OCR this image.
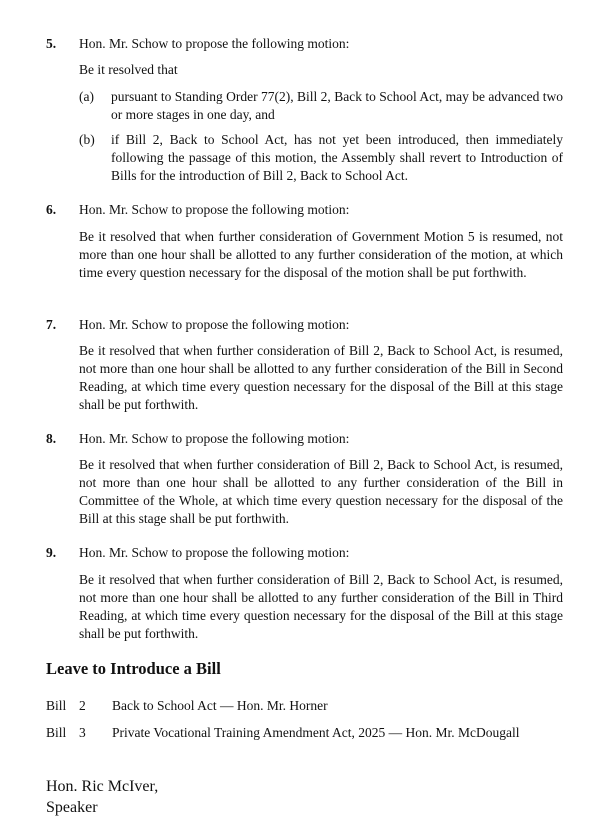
5. Hon. Mr. Schow to propose the following motion:
Be it resolved that
(a) pursuant to Standing Order 77(2), Bill 2, Back to School Act, may be advanced two or more stages in one day, and
(b) if Bill 2, Back to School Act, has not yet been introduced, then immediately following the passage of this motion, the Assembly shall revert to Introduction of Bills for the introduction of Bill 2, Back to School Act.
6. Hon. Mr. Schow to propose the following motion:
Be it resolved that when further consideration of Government Motion 5 is resumed, not more than one hour shall be allotted to any further consideration of the motion, at which time every question necessary for the disposal of the motion shall be put forthwith.
7. Hon. Mr. Schow to propose the following motion:
Be it resolved that when further consideration of Bill 2, Back to School Act, is resumed, not more than one hour shall be allotted to any further consideration of the Bill in Second Reading, at which time every question necessary for the disposal of the Bill at this stage shall be put forthwith.
8. Hon. Mr. Schow to propose the following motion:
Be it resolved that when further consideration of Bill 2, Back to School Act, is resumed, not more than one hour shall be allotted to any further consideration of the Bill in Committee of the Whole, at which time every question necessary for the disposal of the Bill at this stage shall be put forthwith.
9. Hon. Mr. Schow to propose the following motion:
Be it resolved that when further consideration of Bill 2, Back to School Act, is resumed, not more than one hour shall be allotted to any further consideration of the Bill in Third Reading, at which time every question necessary for the disposal of the Bill at this stage shall be put forthwith.
Leave to Introduce a Bill
Bill 2 Back to School Act — Hon. Mr. Horner
Bill 3 Private Vocational Training Amendment Act, 2025 — Hon. Mr. McDougall
Hon. Ric McIver,
Speaker
